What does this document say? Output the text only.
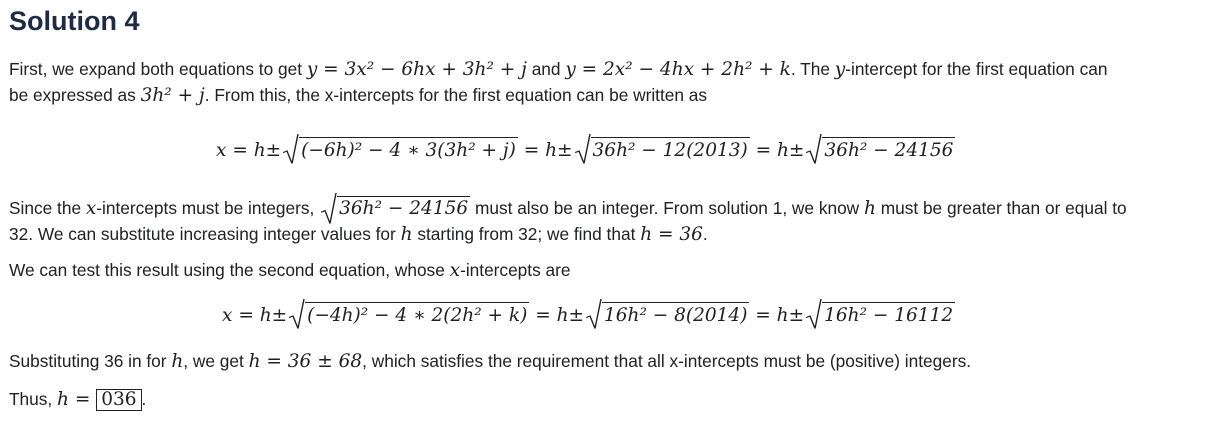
Solution 4

First, we expand both equations to get y = 3x² − 6hx + 3h² + j and y = 2x² − 4hx + 2h² + k. The y-intercept for the first equation can

be expressed as 3h² + j. From this, the x-intercepts for the first equation can be written as

x = h± (−6h)² − 4 ∗ 3(3h² + j) = h± 36h² − 12(2013) = h± 36h² − 24156

Since the x-intercepts must be integers,
36h² − 24156 must also be an integer. From solution 1, we know h must be greater than or equal to

32. We can substitute increasing integer values for h starting from 32; we find that h = 36.

We can test this result using the second equation, whose x-intercepts are

x = h± (−4h)² − 4 ∗ 2(2h² + k) = h± 16h² − 8(2014) = h± 16h² − 16112

Substituting 36 in for h, we get h = 36 ± 68, which satisfies the requirement that all x-intercepts must be (positive) integers.

Thus, h = 036 .
